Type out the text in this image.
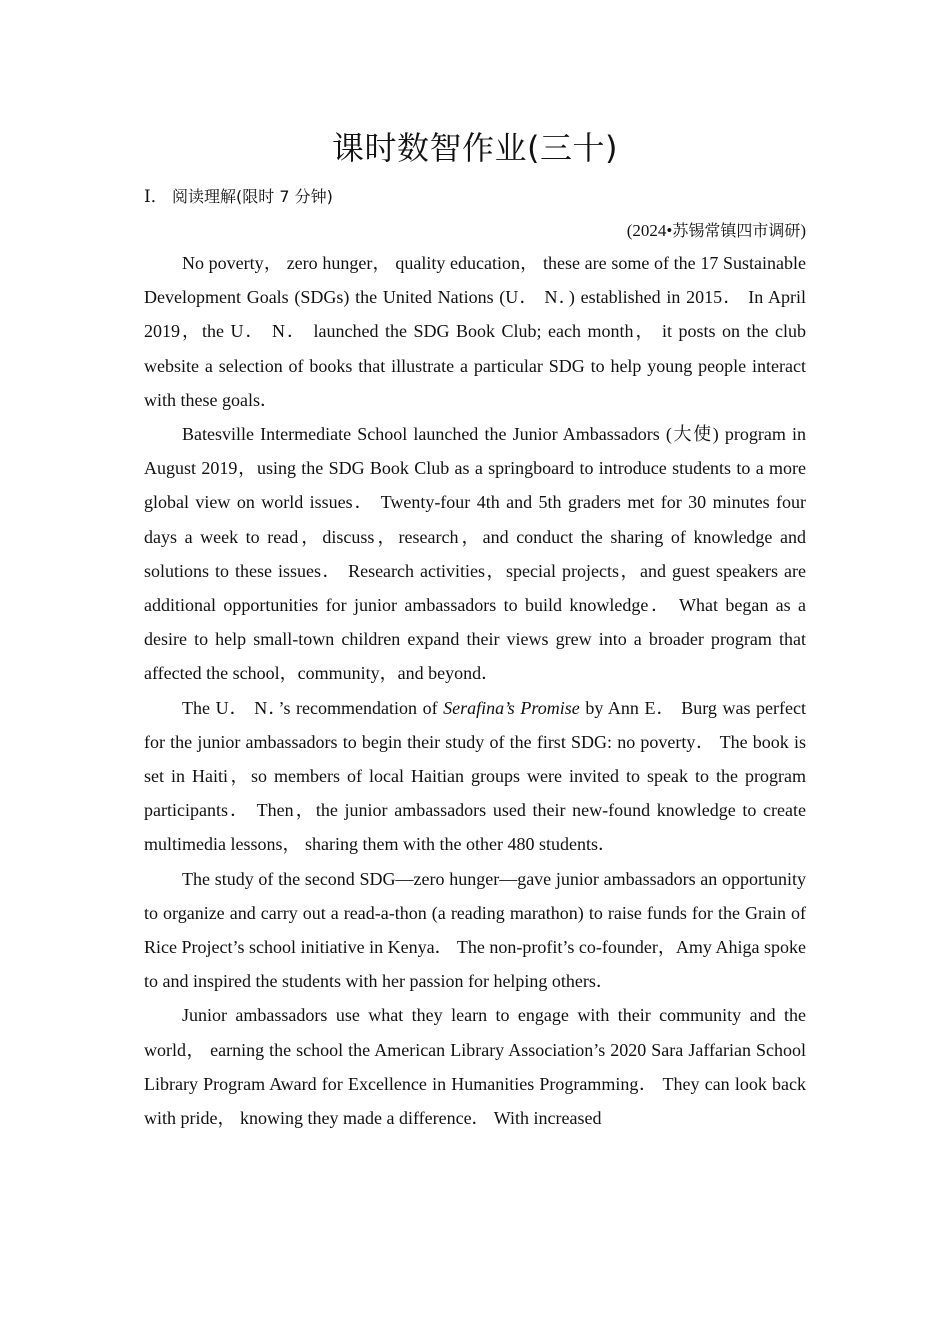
课时数智作业(三十)
Ⅰ． 阅读理解(限时 7 分钟)
(2024•苏锡常镇四市调研)

No poverty， zero hunger， quality education， these are some of the 17 Sustainable Development Goals (SDGs) the United Nations (U． N．) established in 2015． In April 2019，the U． N． launched the SDG Book Club; each month， it posts on the club website a selection of books that illustrate a particular SDG to help young people interact with these goals．

Batesville Intermediate School launched the Junior Ambassadors (大使) program in August 2019，using the SDG Book Club as a springboard to introduce students to a more global view on world issues． Twenty-four 4th and 5th graders met for 30 minutes four days a week to read，discuss，research，and conduct the sharing of knowledge and solutions to these issues． Research activities，special projects，and guest speakers are additional opportunities for junior ambassadors to build knowledge． What began as a desire to help small-town children expand their views grew into a broader program that affected the school，community，and beyond．

The U． N．’s recommendation of Serafina’s Promise by Ann E． Burg was perfect for the junior ambassadors to begin their study of the first SDG: no poverty． The book is set in Haiti，so members of local Haitian groups were invited to speak to the program participants． Then，the junior ambassadors used their new-found knowledge to create multimedia lessons， sharing them with the other 480 students．

The study of the second SDG—zero hunger—gave junior ambassadors an opportunity to organize and carry out a read-a-thon (a reading marathon) to raise funds for the Grain of Rice Project’s school initiative in Kenya． The non-profit’s co-founder，Amy Ahiga spoke to and inspired the students with her passion for helping others．

Junior ambassadors use what they learn to engage with their community and the world， earning the school the American Library Association’s 2020 Sara Jaffarian School Library Program Award for Excellence in Humanities Programming． They can look back with pride， knowing they made a difference． With increased
